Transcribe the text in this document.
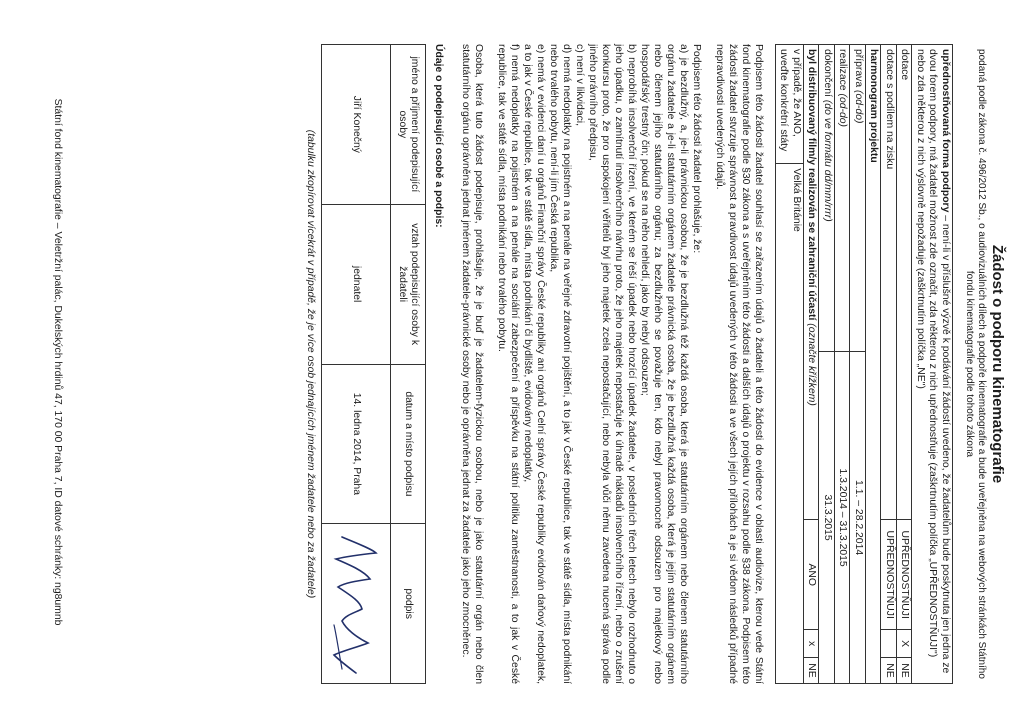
Žádost o podporu kinematografie
podaná podle zákona č. 496/2012 Sb., o audiovizuálních dílech a podpoře kinematografie a bude uveřejněna na webových stránkách Státního fondu kinematografie podle tohoto zákona
upřednostňovaná forma podpory – není-li v příslušné výzvě k podávání žádostí uvedeno, že žadatelům bude poskytnuta jen jedna ze dvou forem podpory, má žadatel možnost zde označit, zda některou z nich upřednostňuje (zaškrtnutím políčka „UPŘEDNOSTŇUJI") nebo zda některou z nich výslovně nepožaduje (zaškrtnutím políčka „NE")					
dotace			UPŘEDNOSTŇUJI	X	NE
dotace s podílem na zisku			UPŘEDNOSTŇUJI		NE
harmonogram projektu					
příprava (od-do)		1.1. – 28.2.2014			
realizace (od-do)		1.3.2014 – 31.3.2015			
dokončení (do ve formátu dd/mm/rrrr)		31.3.2015			
byl distribuovaný film/y realizován se zahraniční účastí (označte křížkem)			ANO	x	NE
v případě, že ANO, uveďte konkrétní státy	Velká Británie				

Podpisem této žádosti žadatel souhlasí se zařazením údajů o žadateli a této žádosti do evidence v oblasti audiovize, kterou vede Státní fond kinematografie podle §30 zákona a s uveřejněním této žádosti a dalších údajů o projektu v rozsahu podle §38 zákona. Podpisem této žádosti žadatel stvrzuje správnost a pravdivost údajů uvedených v této žádosti a ve všech jejích přílohách a je si vědom následků případné nepravdivosti uvedených údajů.

Podpisem této žádosti žadatel prohlašuje, že:

a) je bezdlužný, a, je-li právnickou osobou, že je bezdlužná též každá osoba, která je statutárním orgánem nebo členem statutárního orgánu žadatele a je-li statutárním orgánem žadatele právnická osoba, že je bezdlužná každá osoba, která je jejím statutárním orgánem nebo členem jejího statutárního orgánu; za bezdlužného se považuje ten, kdo nebyl pravomocně odsouzen pro majetkový nebo hospodářský trestný čin; pokud se na něho nehledí, jako by nebyl odsouzen;

b) neprobíhá insolvenční řízení, ve kterém se řeší úpadek nebo hrozící úpadek žadatele, v posledních třech letech nebylo rozhodnuto o jeho úpadku, o zamítnutí insolvenčního návrhu proto, že jeho majetek nepostačuje k úhradě nákladů insolvenčního řízení, nebo o zrušení konkursu proto, že pro uspokojení věřitelů byl jeho majetek zcela nepostačující, nebo nebyla vůči němu zavedena nucená správa podle jiného právního předpisu,

c) není v likvidaci,

d) nemá nedoplatky na pojistném a na penále na veřejné zdravotní pojištění, a to jak v České republice, tak ve státě sídla, místa podnikání nebo trvalého pobytu, není-li jím Česká republika,

e) nemá v evidenci daní u orgánů Finanční správy České republiky ani orgánů Celní správy České republiky evidován daňový nedoplatek, a to jak v České republice, tak ve státě sídla, místa podnikání či bydliště, evidovány nedoplatky,

f) nemá nedoplatky na pojistném a na penále na sociální zabezpečení a příspěvku na státní politiku zaměstnanosti, a to jak v České republice, tak ve státě sídla, místa podnikání nebo trvalého pobytu.

Osoba, která tuto žádost podepisuje, prohlašuje, že je buď je žadatelem-fyzickou osobou, nebo je jako statutární orgán nebo člen statutárního orgánu oprávněna jednat jménem žadatele-právnické osoby nebo je oprávněna jednat za žadatele jako jeho zmocněnec.

Údaje o podepisující osobě a podpis:
jméno a příjmení podepisující osoby	vztah podepisující osoby k žadateli	datum a místo podpisu	podpis
Jiří Konečný	jednatel	14. ledna 2014, Praha	
(tabulku zkopírovat vícekrát v případě, že je více osob jednajících jménem žadatele nebo za žadatele)
Státní fond kinematografie – Veletržní palác, Dukelských hrdinů 47, 170 00 Praha 7, ID datové schránky: ng8umnb
